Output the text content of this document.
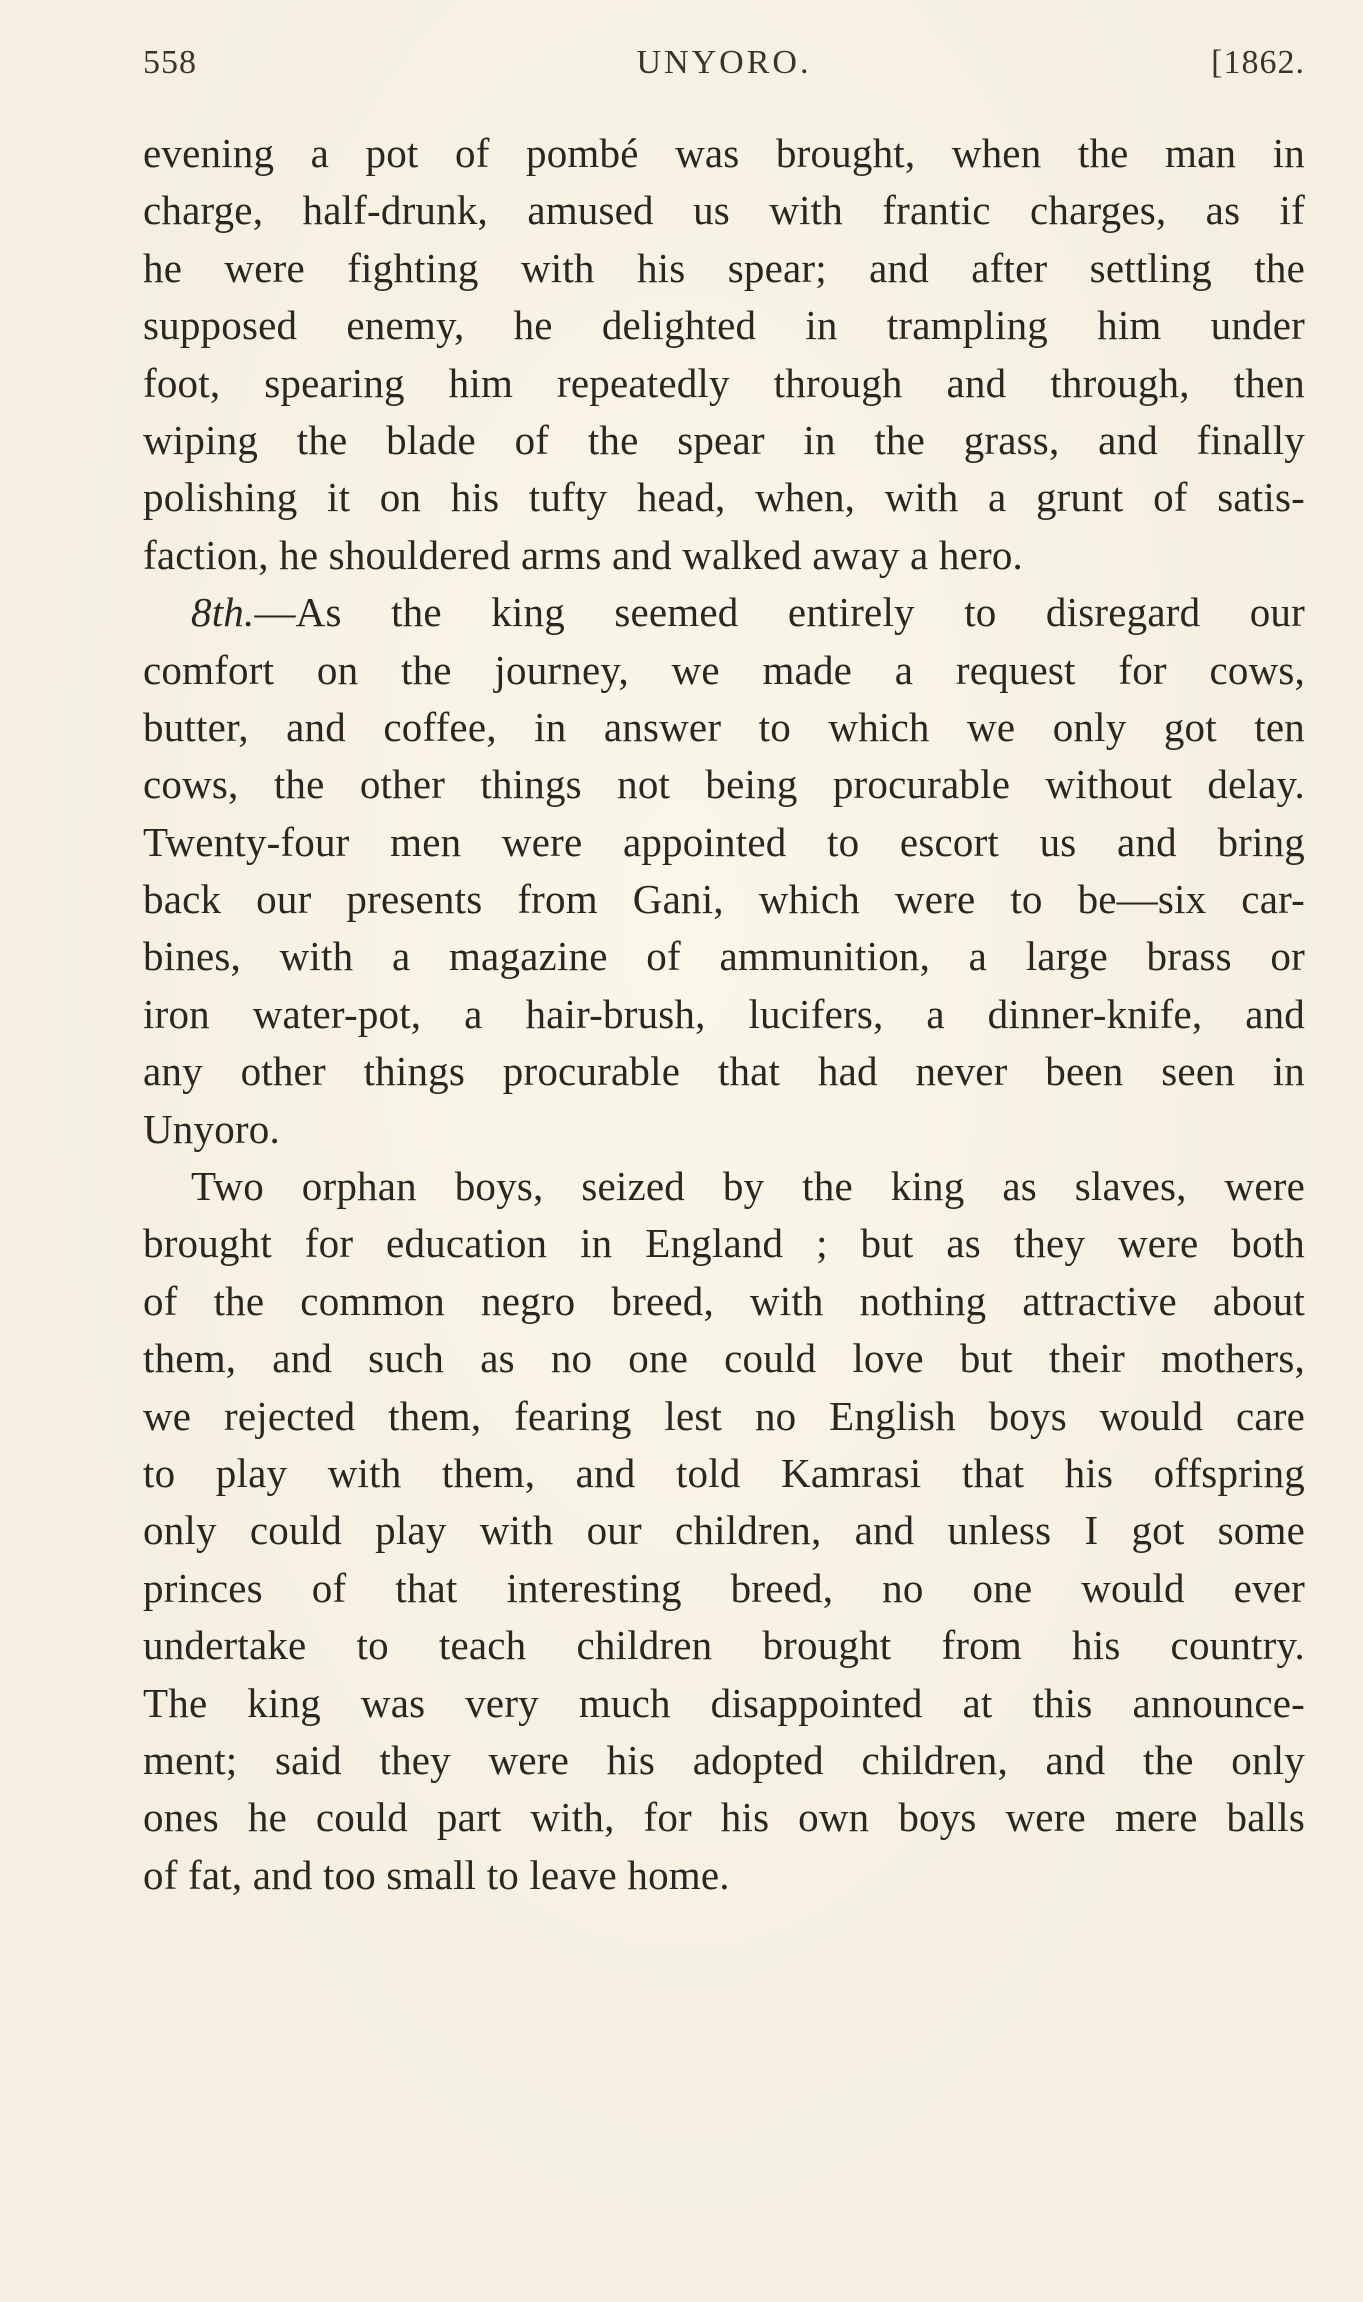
558	UNYORO.	[1862.
evening a pot of pombé was brought, when the man in
charge, half-drunk, amused us with frantic charges, as if
he were fighting with his spear; and after settling the
supposed enemy, he delighted in trampling him under
foot, spearing him repeatedly through and through, then
wiping the blade of the spear in the grass, and finally
polishing it on his tufty head, when, with a grunt of satis-
faction, he shouldered arms and walked away a hero.
8th.—As the king seemed entirely to disregard our
comfort on the journey, we made a request for cows,
butter, and coffee, in answer to which we only got ten
cows, the other things not being procurable without delay.
Twenty-four men were appointed to escort us and bring
back our presents from Gani, which were to be—six car-
bines, with a magazine of ammunition, a large brass or
iron water-pot, a hair-brush, lucifers, a dinner-knife, and
any other things procurable that had never been seen in
Unyoro.
Two orphan boys, seized by the king as slaves, were
brought for education in England ; but as they were both
of the common negro breed, with nothing attractive about
them, and such as no one could love but their mothers,
we rejected them, fearing lest no English boys would care
to play with them, and told Kamrasi that his offspring
only could play with our children, and unless I got some
princes of that interesting breed, no one would ever
undertake to teach children brought from his country.
The king was very much disappointed at this announce-
ment; said they were his adopted children, and the only
ones he could part with, for his own boys were mere balls
of fat, and too small to leave home.
